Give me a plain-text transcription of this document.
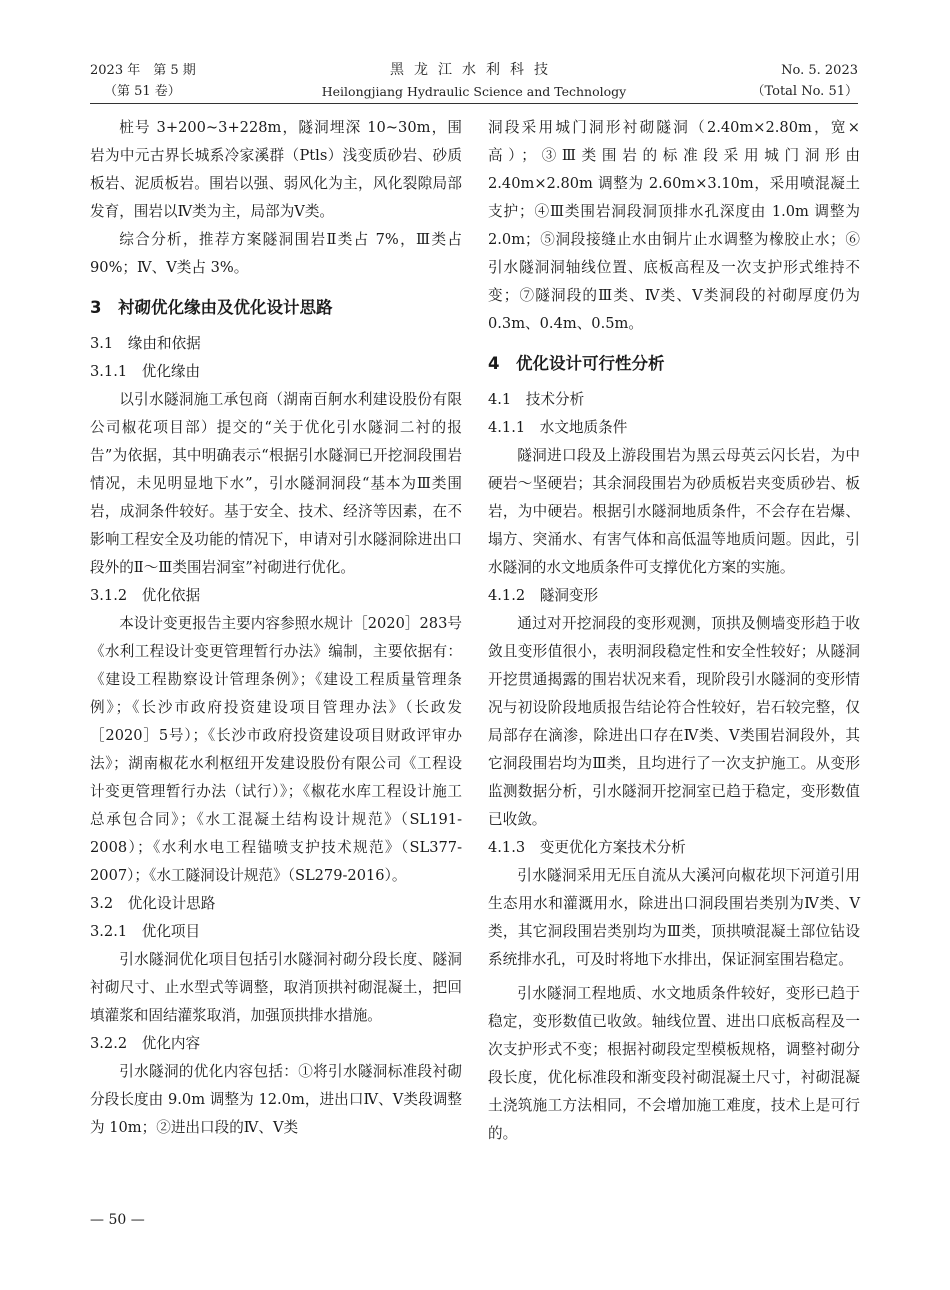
2023 年　第 5 期
（第 51 卷）
黑龙江水利科技
Heilongjiang Hydraulic Science and Technology
No. 5. 2023
（Total No. 51）

桩号 3+200~3+228m，隧洞埋深 10~30m，围岩为中元古界长城系冷家溪群（Ptls）浅变质砂岩、砂质板岩、泥质板岩。围岩以强、弱风化为主，风化裂隙局部发育，围岩以Ⅳ类为主，局部为Ⅴ类。

综合分析，推荐方案隧洞围岩Ⅱ类占 7%，Ⅲ类占 90%；Ⅳ、Ⅴ类占 3%。

3　衬砌优化缘由及优化设计思路
3.1　缘由和依据
3.1.1　优化缘由

以引水隧洞施工承包商（湖南百舸水利建设股份有限公司椒花项目部）提交的“关于优化引水隧洞二衬的报告”为依据，其中明确表示“根据引水隧洞已开挖洞段围岩情况，未见明显地下水”，引水隧洞洞段“基本为Ⅲ类围岩，成洞条件较好。基于安全、技术、经济等因素，在不影响工程安全及功能的情况下，申请对引水隧洞除进出口段外的Ⅱ～Ⅲ类围岩洞室”衬砌进行优化。

3.1.2　优化依据

本设计变更报告主要内容参照水规计［2020］283号《水利工程设计变更管理暂行办法》编制，主要依据有：《建设工程勘察设计管理条例》；《建设工程质量管理条例》；《长沙市政府投资建设项目管理办法》（长政发［2020］5号）；《长沙市政府投资建设项目财政评审办法》；湖南椒花水利枢纽开发建设股份有限公司《工程设计变更管理暂行办法（试行）》；《椒花水库工程设计施工总承包合同》；《水工混凝土结构设计规范》（SL191-2008）；《水利水电工程锚喷支护技术规范》（SL377-2007）；《水工隧洞设计规范》（SL279-2016）。

3.2　优化设计思路
3.2.1　优化项目

引水隧洞优化项目包括引水隧洞衬砌分段长度、隧洞衬砌尺寸、止水型式等调整，取消顶拱衬砌混凝土，把回填灌浆和固结灌浆取消，加强顶拱排水措施。

3.2.2　优化内容

引水隧洞的优化内容包括：①将引水隧洞标准段衬砌分段长度由 9.0m 调整为 12.0m，进出口Ⅳ、Ⅴ类段调整为 10m；②进出口段的Ⅳ、Ⅴ类

洞段采用城门洞形衬砌隧洞（2.40m×2.80m，宽×高）；③Ⅲ类围岩的标准段采用城门洞形由 2.40m×2.80m 调整为 2.60m×3.10m，采用喷混凝土支护；④Ⅲ类围岩洞段洞顶排水孔深度由 1.0m 调整为 2.0m；⑤洞段接缝止水由铜片止水调整为橡胶止水；⑥引水隧洞洞轴线位置、底板高程及一次支护形式维持不变；⑦隧洞段的Ⅲ类、Ⅳ类、Ⅴ类洞段的衬砌厚度仍为 0.3m、0.4m、0.5m。

4　优化设计可行性分析
4.1　技术分析
4.1.1　水文地质条件

隧洞进口段及上游段围岩为黑云母英云闪长岩，为中硬岩～坚硬岩；其余洞段围岩为砂质板岩夹变质砂岩、板岩，为中硬岩。根据引水隧洞地质条件，不会存在岩爆、塌方、突涌水、有害气体和高低温等地质问题。因此，引水隧洞的水文地质条件可支撑优化方案的实施。

4.1.2　隧洞变形

通过对开挖洞段的变形观测，顶拱及侧墙变形趋于收敛且变形值很小，表明洞段稳定性和安全性较好；从隧洞开挖贯通揭露的围岩状况来看，现阶段引水隧洞的变形情况与初设阶段地质报告结论符合性较好，岩石较完整，仅局部存在滴渗，除进出口存在Ⅳ类、Ⅴ类围岩洞段外，其它洞段围岩均为Ⅲ类，且均进行了一次支护施工。从变形监测数据分析，引水隧洞开挖洞室已趋于稳定，变形数值已收敛。

4.1.3　变更优化方案技术分析

引水隧洞采用无压自流从大溪河向椒花坝下河道引用生态用水和灌溉用水，除进出口洞段围岩类别为Ⅳ类、Ⅴ类，其它洞段围岩类别均为Ⅲ类，顶拱喷混凝土部位钻设系统排水孔，可及时将地下水排出，保证洞室围岩稳定。

引水隧洞工程地质、水文地质条件较好，变形已趋于稳定，变形数值已收敛。轴线位置、进出口底板高程及一次支护形式不变；根据衬砌段定型模板规格，调整衬砌分段长度，优化标准段和渐变段衬砌混凝土尺寸，衬砌混凝土浇筑施工方法相同，不会增加施工难度，技术上是可行的。

— 50 —
